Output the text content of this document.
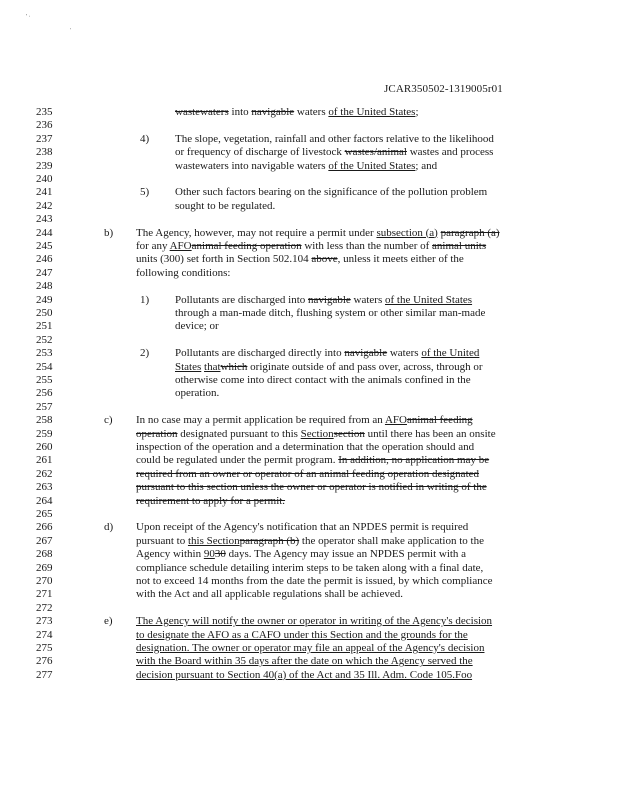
' ·
'
JCAR350502-1319005r01
235	wastewaters into navigable waters of the United States;
236
237	4) The slope, vegetation, rainfall and other factors relative to the likelihood
238	or frequency of discharge of livestock wastes/animal wastes and process
239	wastewaters into navigable waters of the United States; and
240
241	5) Other such factors bearing on the significance of the pollution problem
242	sought to be regulated.
243
244	b) The Agency, however, may not require a permit under subsection (a) paragraph (a)
245	for any AFOanimal feeding operation with less than the number of animal units
246	units (300) set forth in Section 502.104 above, unless it meets either of the
247	following conditions:
248
249	1) Pollutants are discharged into navigable waters of the United States
250	through a man-made ditch, flushing system or other similar man-made
251	device; or
252
253	2) Pollutants are discharged directly into navigable waters of the United
254	States thatwhich originate outside of and pass over, across, through or
255	otherwise come into direct contact with the animals confined in the
256	operation.
257
258	c) In no case may a permit application be required from an AFOanimal feeding
259	operation designated pursuant to this Sectionsection until there has been an onsite
260	inspection of the operation and a determination that the operation should and
261	could be regulated under the permit program. In addition, no application may be
262	required from an owner or operator of an animal feeding operation designated
263	pursuant to this section unless the owner or operator is notified in writing of the
264	requirement to apply for a permit.
265
266	d) Upon receipt of the Agency's notification that an NPDES permit is required
267	pursuant to this Sectionparagraph (b) the operator shall make application to the
268	Agency within 9030 days. The Agency may issue an NPDES permit with a
269	compliance schedule detailing interim steps to be taken along with a final date,
270	not to exceed 14 months from the date the permit is issued, by which compliance
271	with the Act and all applicable regulations shall be achieved.
272
273	e) The Agency will notify the owner or operator in writing of the Agency's decision
274	to designate the AFO as a CAFO under this Section and the grounds for the
275	designation. The owner or operator may file an appeal of the Agency's decision
276	with the Board within 35 days after the date on which the Agency served the
277	decision pursuant to Section 40(a) of the Act and 35 Ill. Adm. Code 105.Foo
